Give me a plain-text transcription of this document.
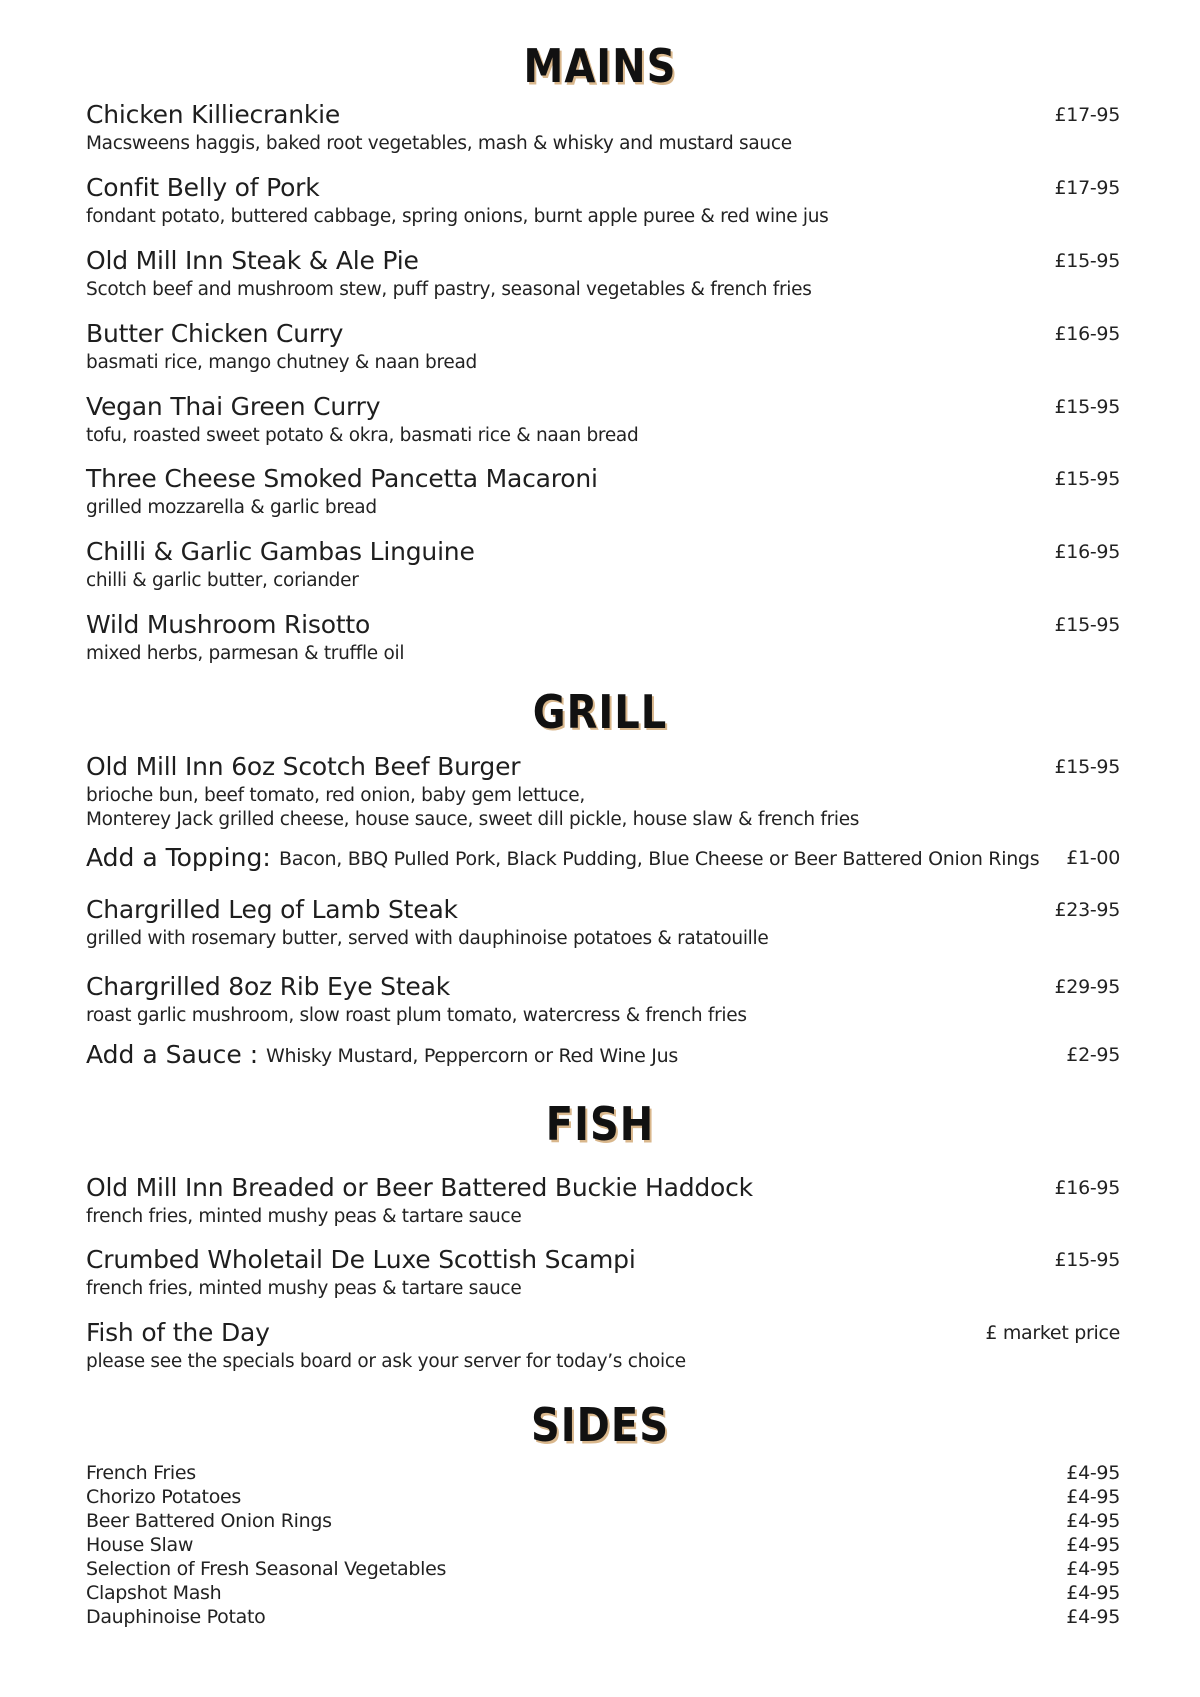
MAINS
Chicken Killiecrankie
Macsweens haggis, baked root vegetables, mash & whisky and mustard sauce
£17-95
Confit Belly of Pork
fondant potato, buttered cabbage, spring onions, burnt apple puree & red wine jus
£17-95
Old Mill Inn Steak & Ale Pie
Scotch beef and mushroom stew, puff pastry, seasonal vegetables & french fries
£15-95
Butter Chicken Curry
basmati rice, mango chutney & naan bread
£16-95
Vegan Thai Green Curry
tofu, roasted sweet potato & okra, basmati rice & naan bread
£15-95
Three Cheese Smoked Pancetta Macaroni
grilled mozzarella & garlic bread
£15-95
Chilli & Garlic Gambas Linguine
chilli & garlic butter, coriander
£16-95
Wild Mushroom Risotto
mixed herbs, parmesan & truffle oil
£15-95
GRILL
Old Mill Inn 6oz Scotch Beef Burger
brioche bun, beef tomato, red onion, baby gem lettuce,
Monterey Jack grilled cheese, house sauce, sweet dill pickle, house slaw & french fries
£15-95
Add a Topping: Bacon, BBQ Pulled Pork, Black Pudding, Blue Cheese or Beer Battered Onion Rings £1-00
Chargrilled Leg of Lamb Steak
grilled with rosemary butter, served with dauphinoise potatoes & ratatouille
£23-95
Chargrilled 8oz Rib Eye Steak
roast garlic mushroom, slow roast plum tomato, watercress & french fries
£29-95
Add a Sauce : Whisky Mustard, Peppercorn or Red Wine Jus	£2-95
FISH
Old Mill Inn Breaded or Beer Battered Buckie Haddock
french fries, minted mushy peas & tartare sauce
£16-95
Crumbed Wholetail De Luxe Scottish Scampi
french fries, minted mushy peas & tartare sauce
£15-95
Fish of the Day
please see the specials board or ask your server for today’s choice
£ market price
SIDES
French Fries	£4-95
Chorizo Potatoes	£4-95
Beer Battered Onion Rings	£4-95
House Slaw	£4-95
Selection of Fresh Seasonal Vegetables	£4-95
Clapshot Mash	£4-95
Dauphinoise Potato	£4-95
